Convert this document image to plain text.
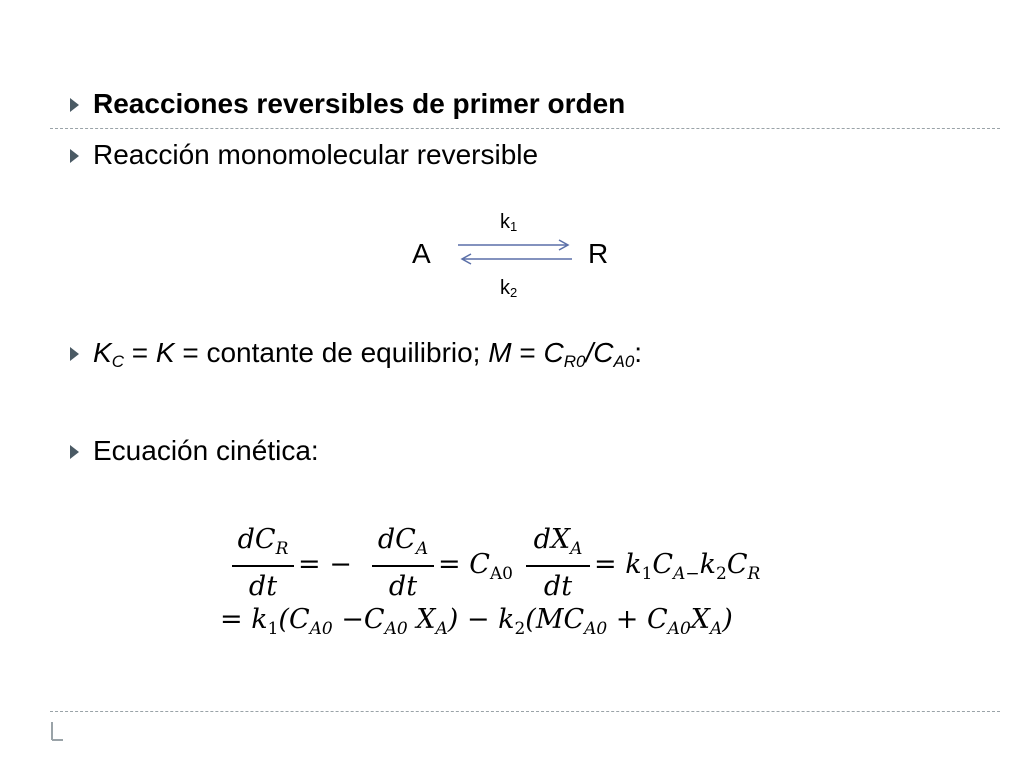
Reacciones reversibles de primer orden
Reacción monomolecular reversible
A	R
$k_1$
$k_2$
$K_C = K$ = contante de equilibrio; $M = C_{R0}/C_{A0}$:
Ecuación cinética:
$dC_R$
dt
= −
$dC_A$
dt
= $C_{A0}$
$dX_A$
dt
= $k_1C_{A-}k_2C_R$
= $k_1(C_{A0} -C_{A0}$ $X_A) - k_2(MC_{A0} + C_{A0}X_A)$
